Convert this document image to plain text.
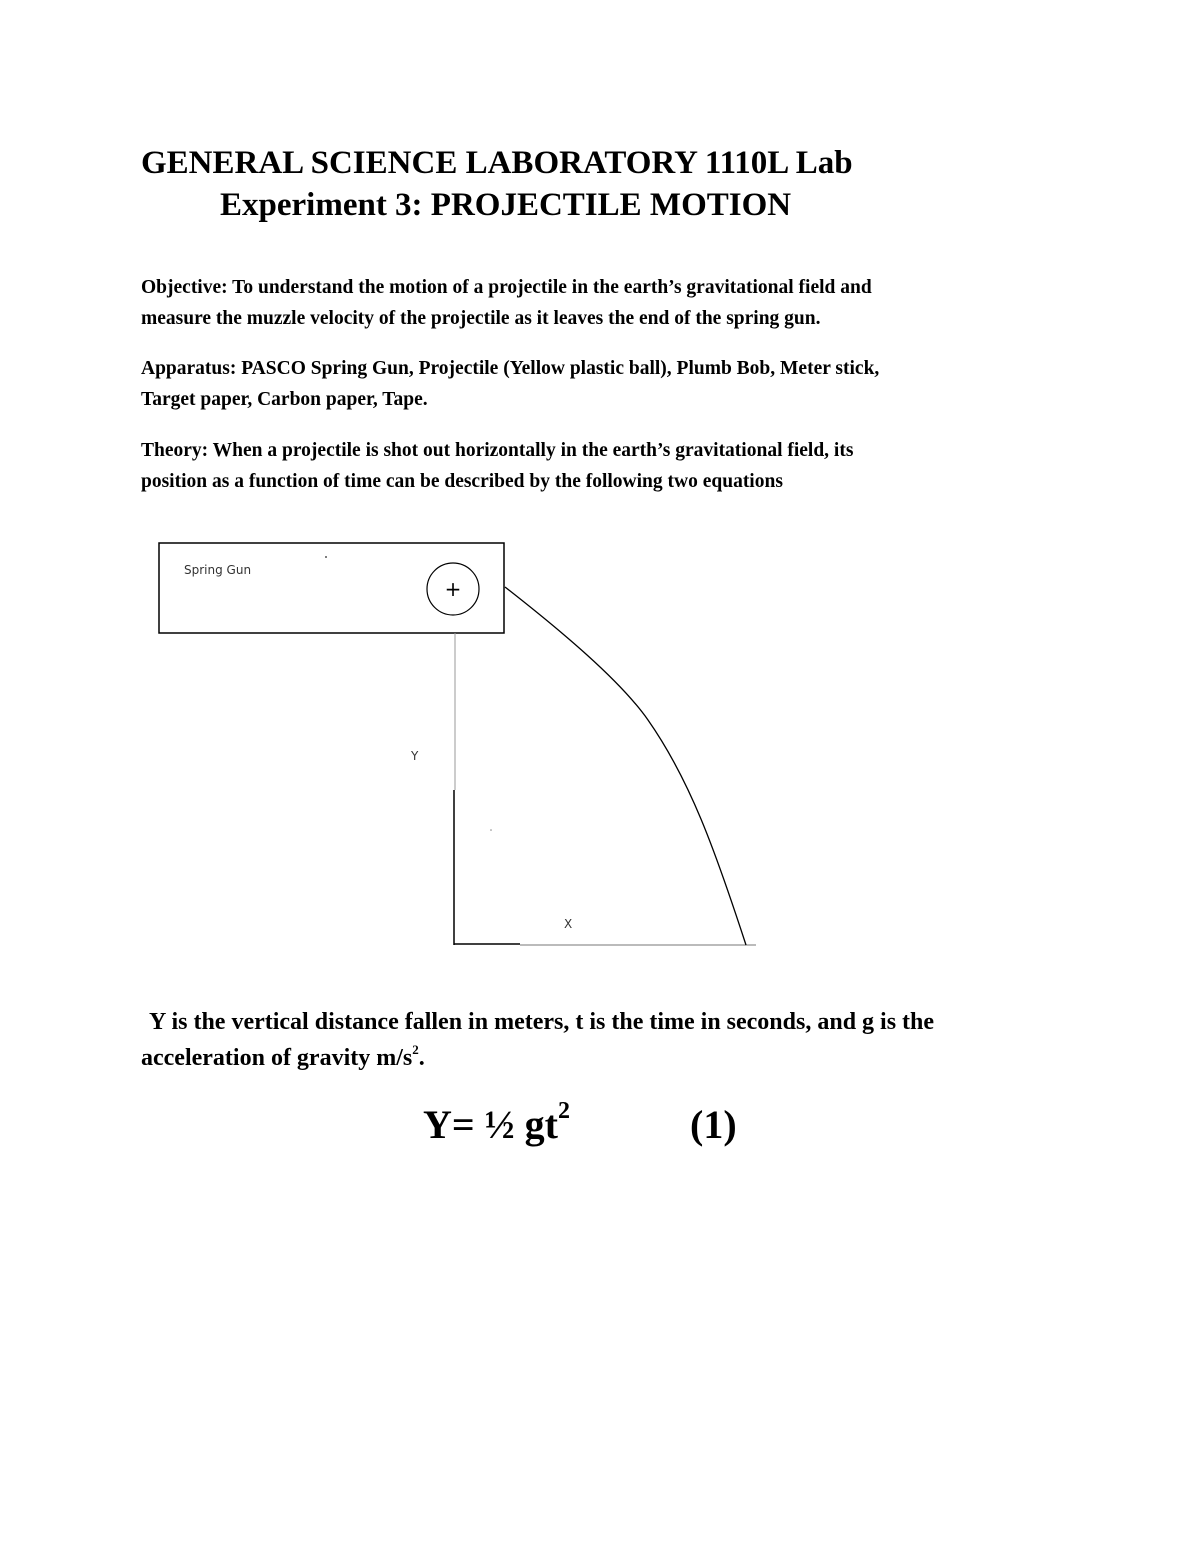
GENERAL SCIENCE LABORATORY 1110L Lab
Experiment 3: PROJECTILE MOTION
Objective: To understand the motion of a projectile in the earth’s gravitational field and
measure the muzzle velocity of the projectile as it leaves the end of the spring gun.
Apparatus: PASCO Spring Gun, Projectile (Yellow plastic ball), Plumb Bob, Meter stick,
Target paper, Carbon paper, Tape.
Theory: When a projectile is shot out horizontally in the earth’s gravitational field, its
position as a function of time can be described by the following two equations
Spring Gun
+
Y
X
Y is the vertical distance fallen in meters, t is the time in seconds, and g is the
acceleration of gravity $m/s^2$.
Y= ½ $gt^2$	(1)
